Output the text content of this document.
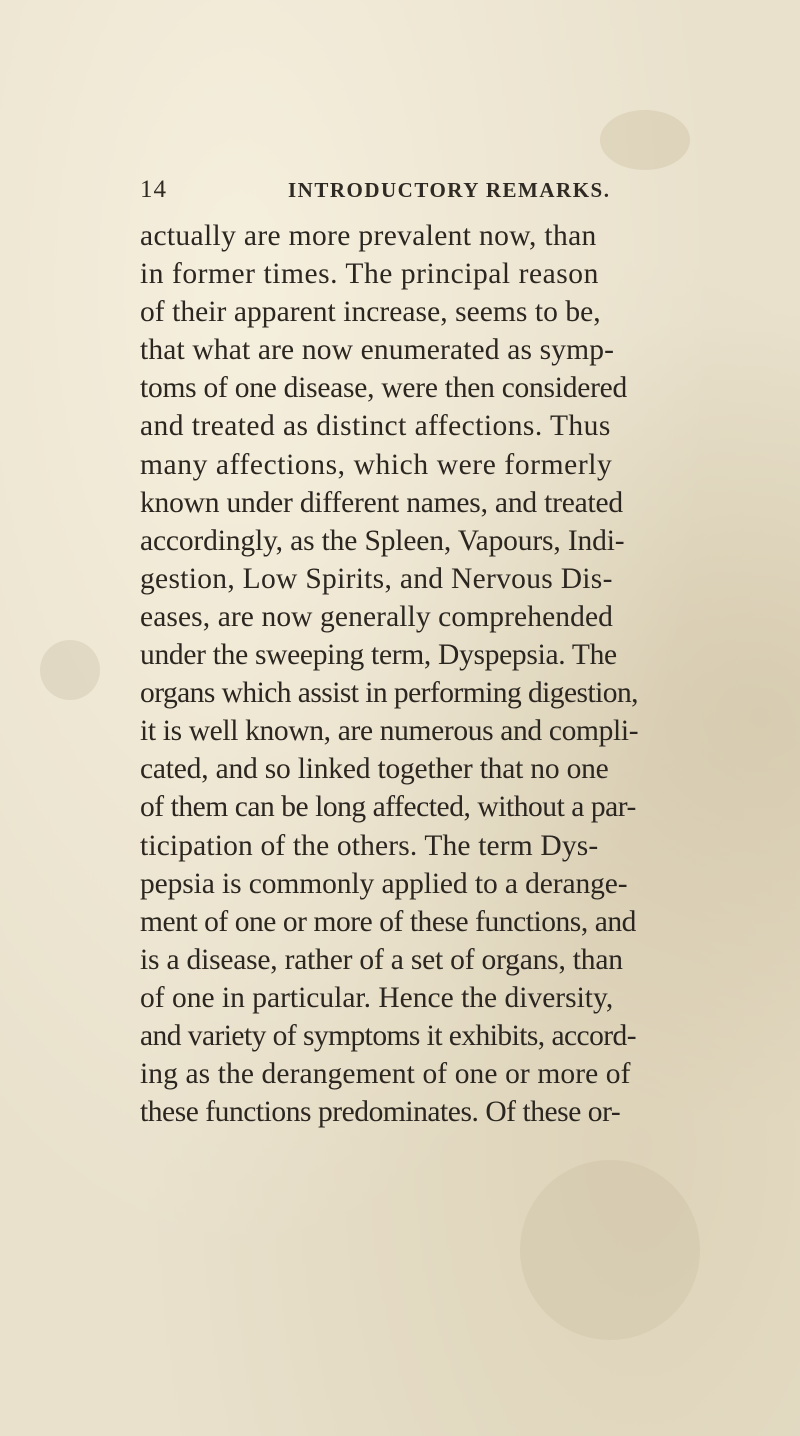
14	INTRODUCTORY REMARKS.
actually are more prevalent now, than
in former times. The principal reason
of their apparent increase, seems to be,
that what are now enumerated as symp-
toms of one disease, were then considered
and treated as distinct affections. Thus
many affections, which were formerly
known under different names, and treated
accordingly, as the Spleen, Vapours, Indi-
gestion, Low Spirits, and Nervous Dis-
eases, are now generally comprehended
under the sweeping term, Dyspepsia. The
organs which assist in performing digestion,
it is well known, are numerous and compli-
cated, and so linked together that no one
of them can be long affected, without a par-
ticipation of the others. The term Dys-
pepsia is commonly applied to a derange-
ment of one or more of these functions, and
is a disease, rather of a set of organs, than
of one in particular. Hence the diversity,
and variety of symptoms it exhibits, accord-
ing as the derangement of one or more of
these functions predominates. Of these or-
